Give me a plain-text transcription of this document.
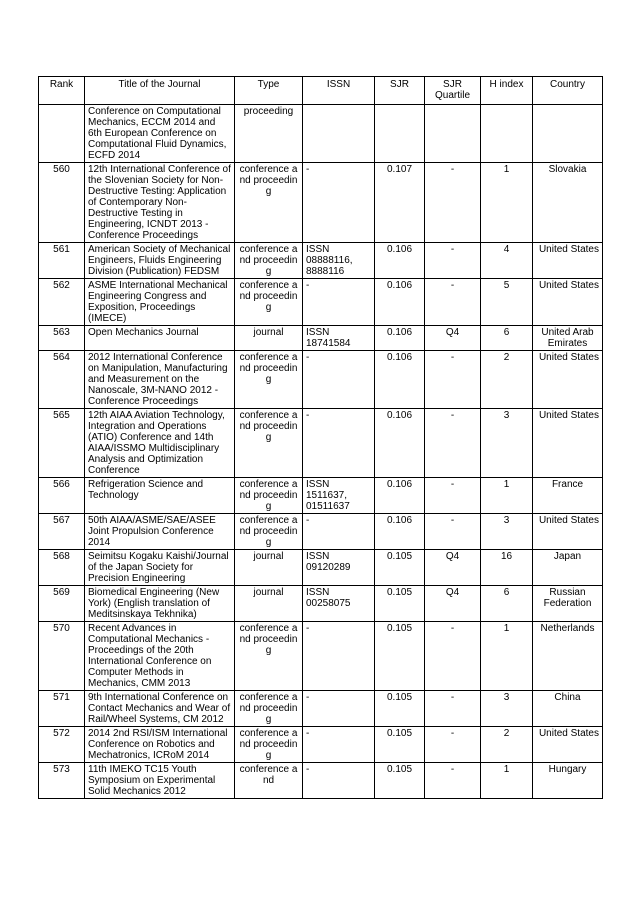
Rank	Title of the Journal	Type	ISSN	SJR	SJR Quartile	H index	Country
	Conference on Computational Mechanics, ECCM 2014 and 6th European Conference on Computational Fluid Dynamics, ECFD 2014	proceeding					
560	12th International Conference of the Slovenian Society for Non-Destructive Testing: Application of Contemporary Non-Destructive Testing in Engineering, ICNDT 2013 - Conference Proceedings	conference and proceeding	-	0.107	-	1	Slovakia
561	American Society of Mechanical Engineers, Fluids Engineering Division (Publication) FEDSM	conference and proceeding	ISSN 08888116, 8888116	0.106	-	4	United States
562	ASME International Mechanical Engineering Congress and Exposition, Proceedings (IMECE)	conference and proceeding	-	0.106	-	5	United States
563	Open Mechanics Journal	journal	ISSN 18741584	0.106	Q4	6	United Arab Emirates
564	2012 International Conference on Manipulation, Manufacturing and Measurement on the Nanoscale, 3M-NANO 2012 - Conference Proceedings	conference and proceeding	-	0.106	-	2	United States
565	12th AIAA Aviation Technology, Integration and Operations (ATIO) Conference and 14th AIAA/ISSMO Multidisciplinary Analysis and Optimization Conference	conference and proceeding	-	0.106	-	3	United States
566	Refrigeration Science and Technology	conference and proceeding	ISSN 1511637, 01511637	0.106	-	1	France
567	50th AIAA/ASME/SAE/ASEE Joint Propulsion Conference 2014	conference and proceeding	-	0.106	-	3	United States
568	Seimitsu Kogaku Kaishi/Journal of the Japan Society for Precision Engineering	journal	ISSN 09120289	0.105	Q4	16	Japan
569	Biomedical Engineering (New York) (English translation of Meditsinskaya Tekhnika)	journal	ISSN 00258075	0.105	Q4	6	Russian Federation
570	Recent Advances in Computational Mechanics - Proceedings of the 20th International Conference on Computer Methods in Mechanics, CMM 2013	conference and proceeding	-	0.105	-	1	Netherlands
571	9th International Conference on Contact Mechanics and Wear of Rail/Wheel Systems, CM 2012	conference and proceeding	-	0.105	-	3	China
572	2014 2nd RSI/ISM International Conference on Robotics and Mechatronics, ICRoM 2014	conference and proceeding	-	0.105	-	2	United States
573	11th IMEKO TC15 Youth Symposium on Experimental Solid Mechanics 2012	conference and	-	0.105	-	1	Hungary
